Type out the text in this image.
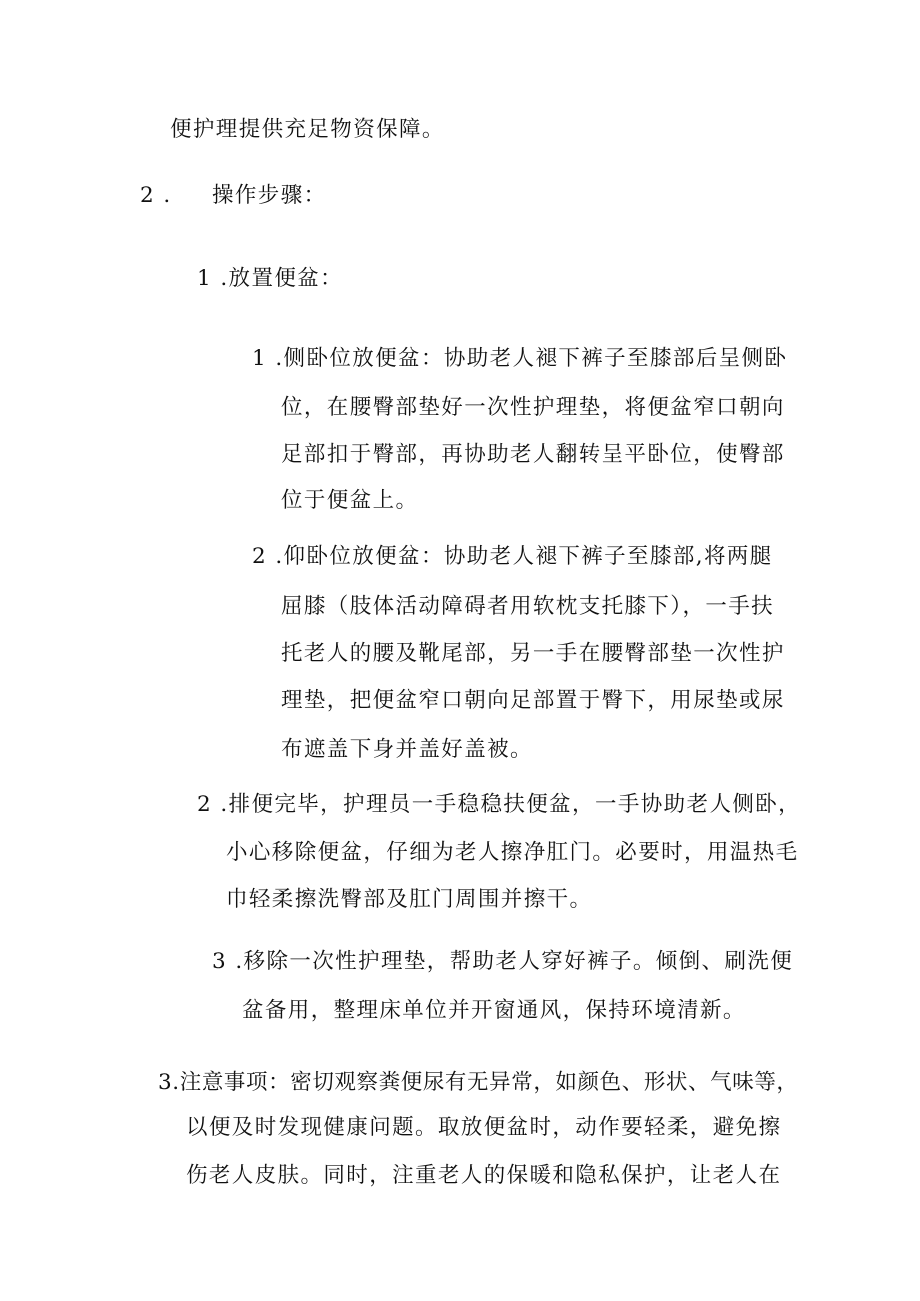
便护理提供充足物资保障。
2 . 操作步骤：
1 .放置便盆：
1 .侧卧位放便盆：协助老人褪下裤子至膝部后呈侧卧
位，在腰臀部垫好一次性护理垫，将便盆窄口朝向
足部扣于臀部，再协助老人翻转呈平卧位，使臀部
位于便盆上。
2 .仰卧位放便盆：协助老人褪下裤子至膝部,将两腿
屈膝（肢体活动障碍者用软枕支托膝下），一手扶
托老人的腰及靴尾部，另一手在腰臀部垫一次性护
理垫，把便盆窄口朝向足部置于臀下，用尿垫或尿
布遮盖下身并盖好盖被。
2 .排便完毕，护理员一手稳稳扶便盆，一手协助老人侧卧，
小心移除便盆，仔细为老人擦净肛门。必要时，用温热毛
巾轻柔擦洗臀部及肛门周围并擦干。
3 .移除一次性护理垫，帮助老人穿好裤子。倾倒、刷洗便
盆备用，整理床单位并开窗通风，保持环境清新。
3.注意事项：密切观察粪便尿有无异常，如颜色、形状、气味等，
以便及时发现健康问题。取放便盆时，动作要轻柔，避免擦
伤老人皮肤。同时，注重老人的保暖和隐私保护，让老人在
